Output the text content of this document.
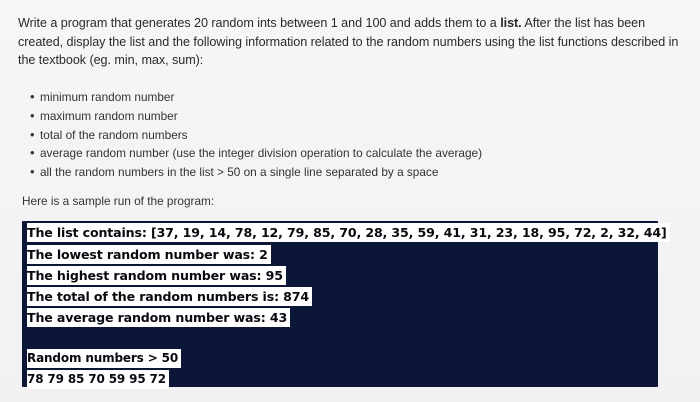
Write a program that generates 20 random ints between 1 and 100 and adds them to a list. After the list has been created, display the list and the following information related to the random numbers using the list functions described in the textbook (eg. min, max, sum):

• minimum random number
• maximum random number
• total of the random numbers
• average random number (use the integer division operation to calculate the average)
• all the random numbers in the list > 50 on a single line separated by a space
Here is a sample run of the program:
The list contains: [37, 19, 14, 78, 12, 79, 85, 70, 28, 35, 59, 41, 31, 23, 18, 95, 72, 2, 32, 44]
The lowest random number was: 2
The highest random number was: 95
The total of the random numbers is: 874
The average random number was: 43
Random numbers > 50
78 79 85 70 59 95 72
